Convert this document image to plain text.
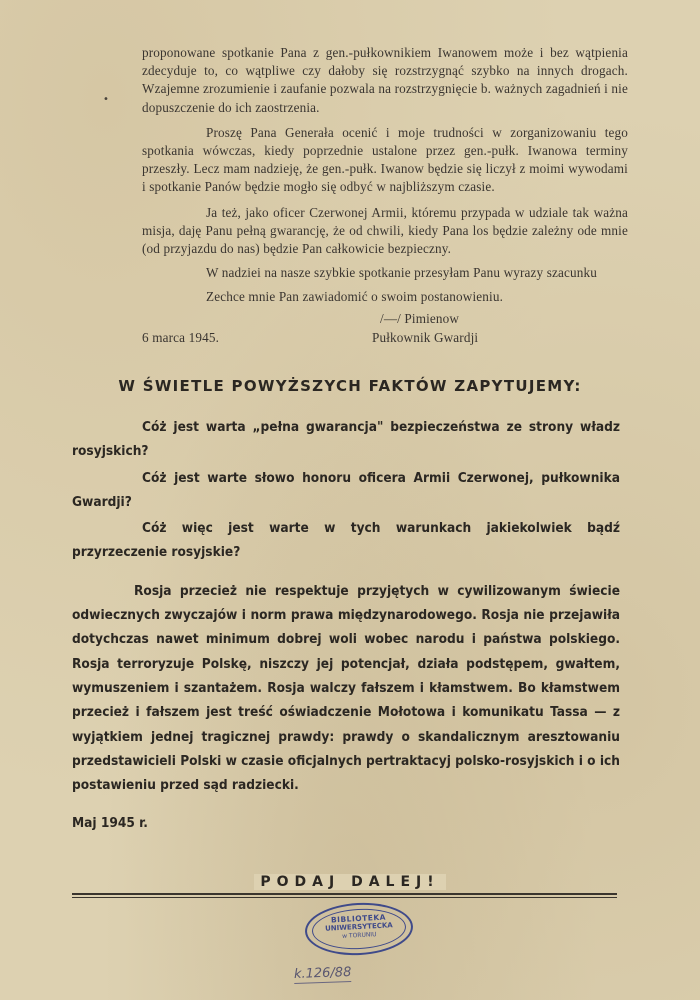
•

proponowane spotkanie Pana z gen.-pułkownikiem Iwanowem może i bez wątpienia zdecyduje to, co wątpliwe czy dałoby się rozstrzygnąć szybko na innych drogach. Wzajemne zrozumienie i zaufanie pozwala na rozstrzygnięcie b. ważnych zagadnień i nie dopuszczenie do ich zaostrzenia.

Proszę Pana Generała ocenić i moje trudności w zorganizowaniu tego spotkania wówczas, kiedy poprzednie ustalone przez gen.-pułk. Iwanowa terminy przeszły. Lecz mam nadzieję, że gen.-pułk. Iwanow będzie się liczył z moimi wywodami i spotkanie Panów będzie mogło się odbyć w najbliższym czasie.

Ja też, jako oficer Czerwonej Armii, któremu przypada w udziale tak ważna misja, daję Panu pełną gwarancję, że od chwili, kiedy Pana los będzie zależny ode mnie (od przyjazdu do nas) będzie Pan całkowicie bezpieczny.

W nadziei na nasze szybkie spotkanie przesyłam Panu wyrazy szacunku

Zechce mnie Pan zawiadomić o swoim postanowieniu.

/—/ Pimienow
6 marca 1945.	Pułkownik Gwardji
W ŚWIETLE POWYŻSZYCH FAKTÓW ZAPYTUJEMY:

Cóż jest warta „pełna gwarancja" bezpieczeństwa ze strony władz rosyjskich?

Cóż jest warte słowo honoru oficera Armii Czerwonej, pułkownika Gwardji?

Cóż więc jest warte w tych warunkach jakiekolwiek bądź przyrzeczenie rosyjskie?

Rosja przecież nie respektuje przyjętych w cywilizowanym świecie odwiecznych zwyczajów i norm prawa międzynarodowego. Rosja nie przejawiła dotychczas nawet minimum dobrej woli wobec narodu i państwa polskiego. Rosja terroryzuje Polskę, niszczy jej potencjał, działa podstępem, gwałtem, wymuszeniem i szantażem. Rosja walczy fałszem i kłamstwem. Bo kłamstwem przecież i fałszem jest treść oświadczenie Mołotowa i komunikatu Tassa — z wyjątkiem jednej tragicznej prawdy: prawdy o skandalicznym aresztowaniu przedstawicieli Polski w czasie oficjalnych pertraktacyj polsko-rosyjskich i o ich postawieniu przed sąd radziecki.

Maj 1945 r.

PODAJ DALEJ!
BIBLIOTEKA
UNIWERSYTECKA
w TORUNIU
k.126/88
